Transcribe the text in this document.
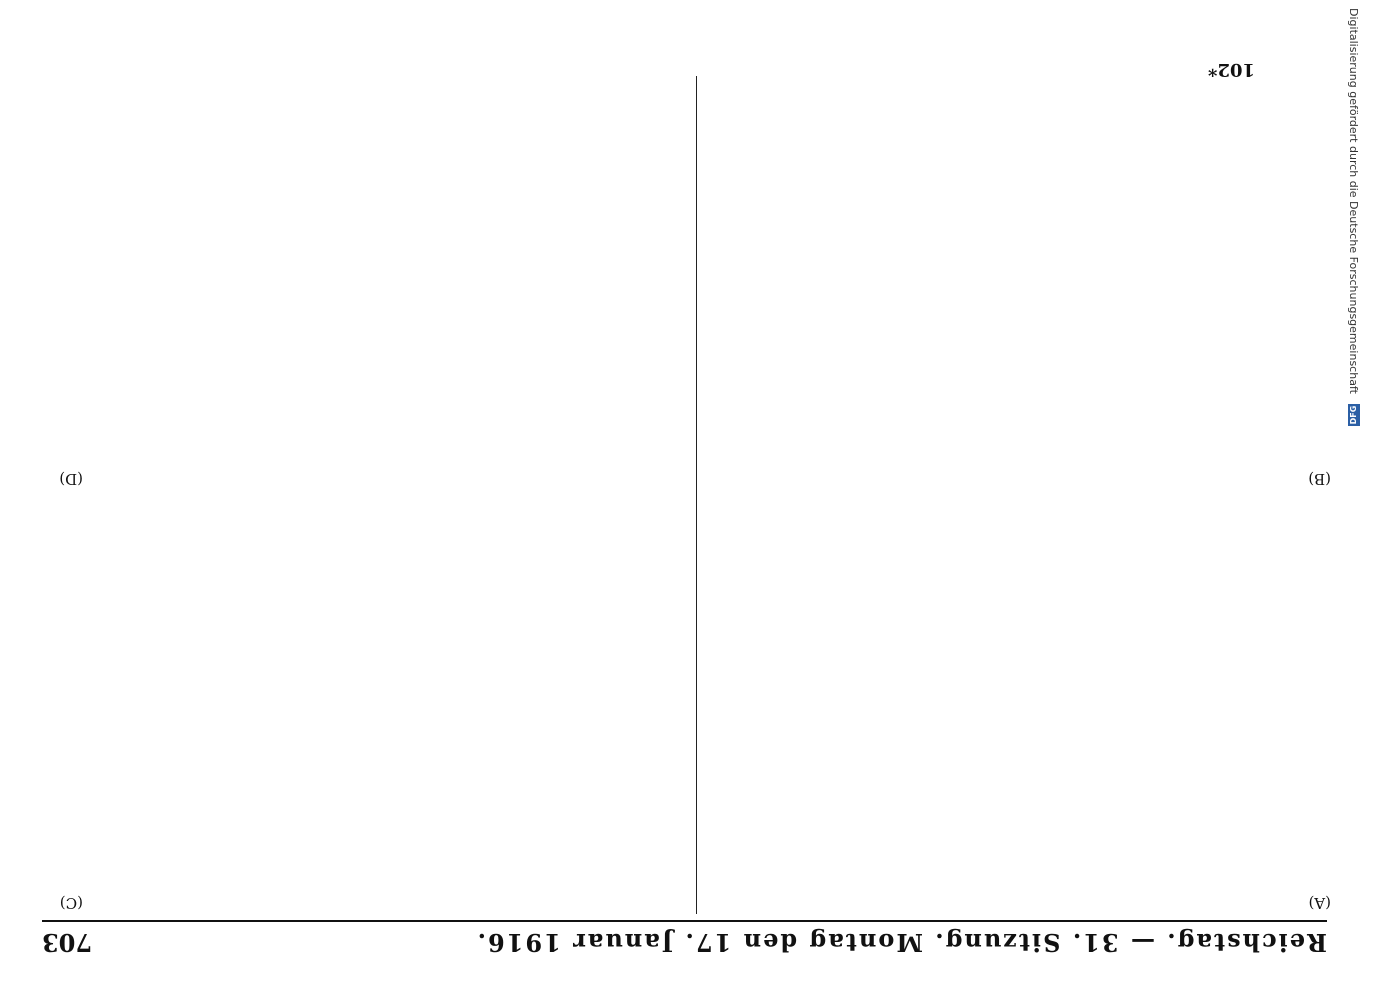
Reichstag. — 31. Sitzung. Montag den 17. Januar 1916.
703
(A)
(B)
(C)
(D)
102*	Digitalisierung gefördert durch die Deutsche Forschungsgemeinschaft
DFG
